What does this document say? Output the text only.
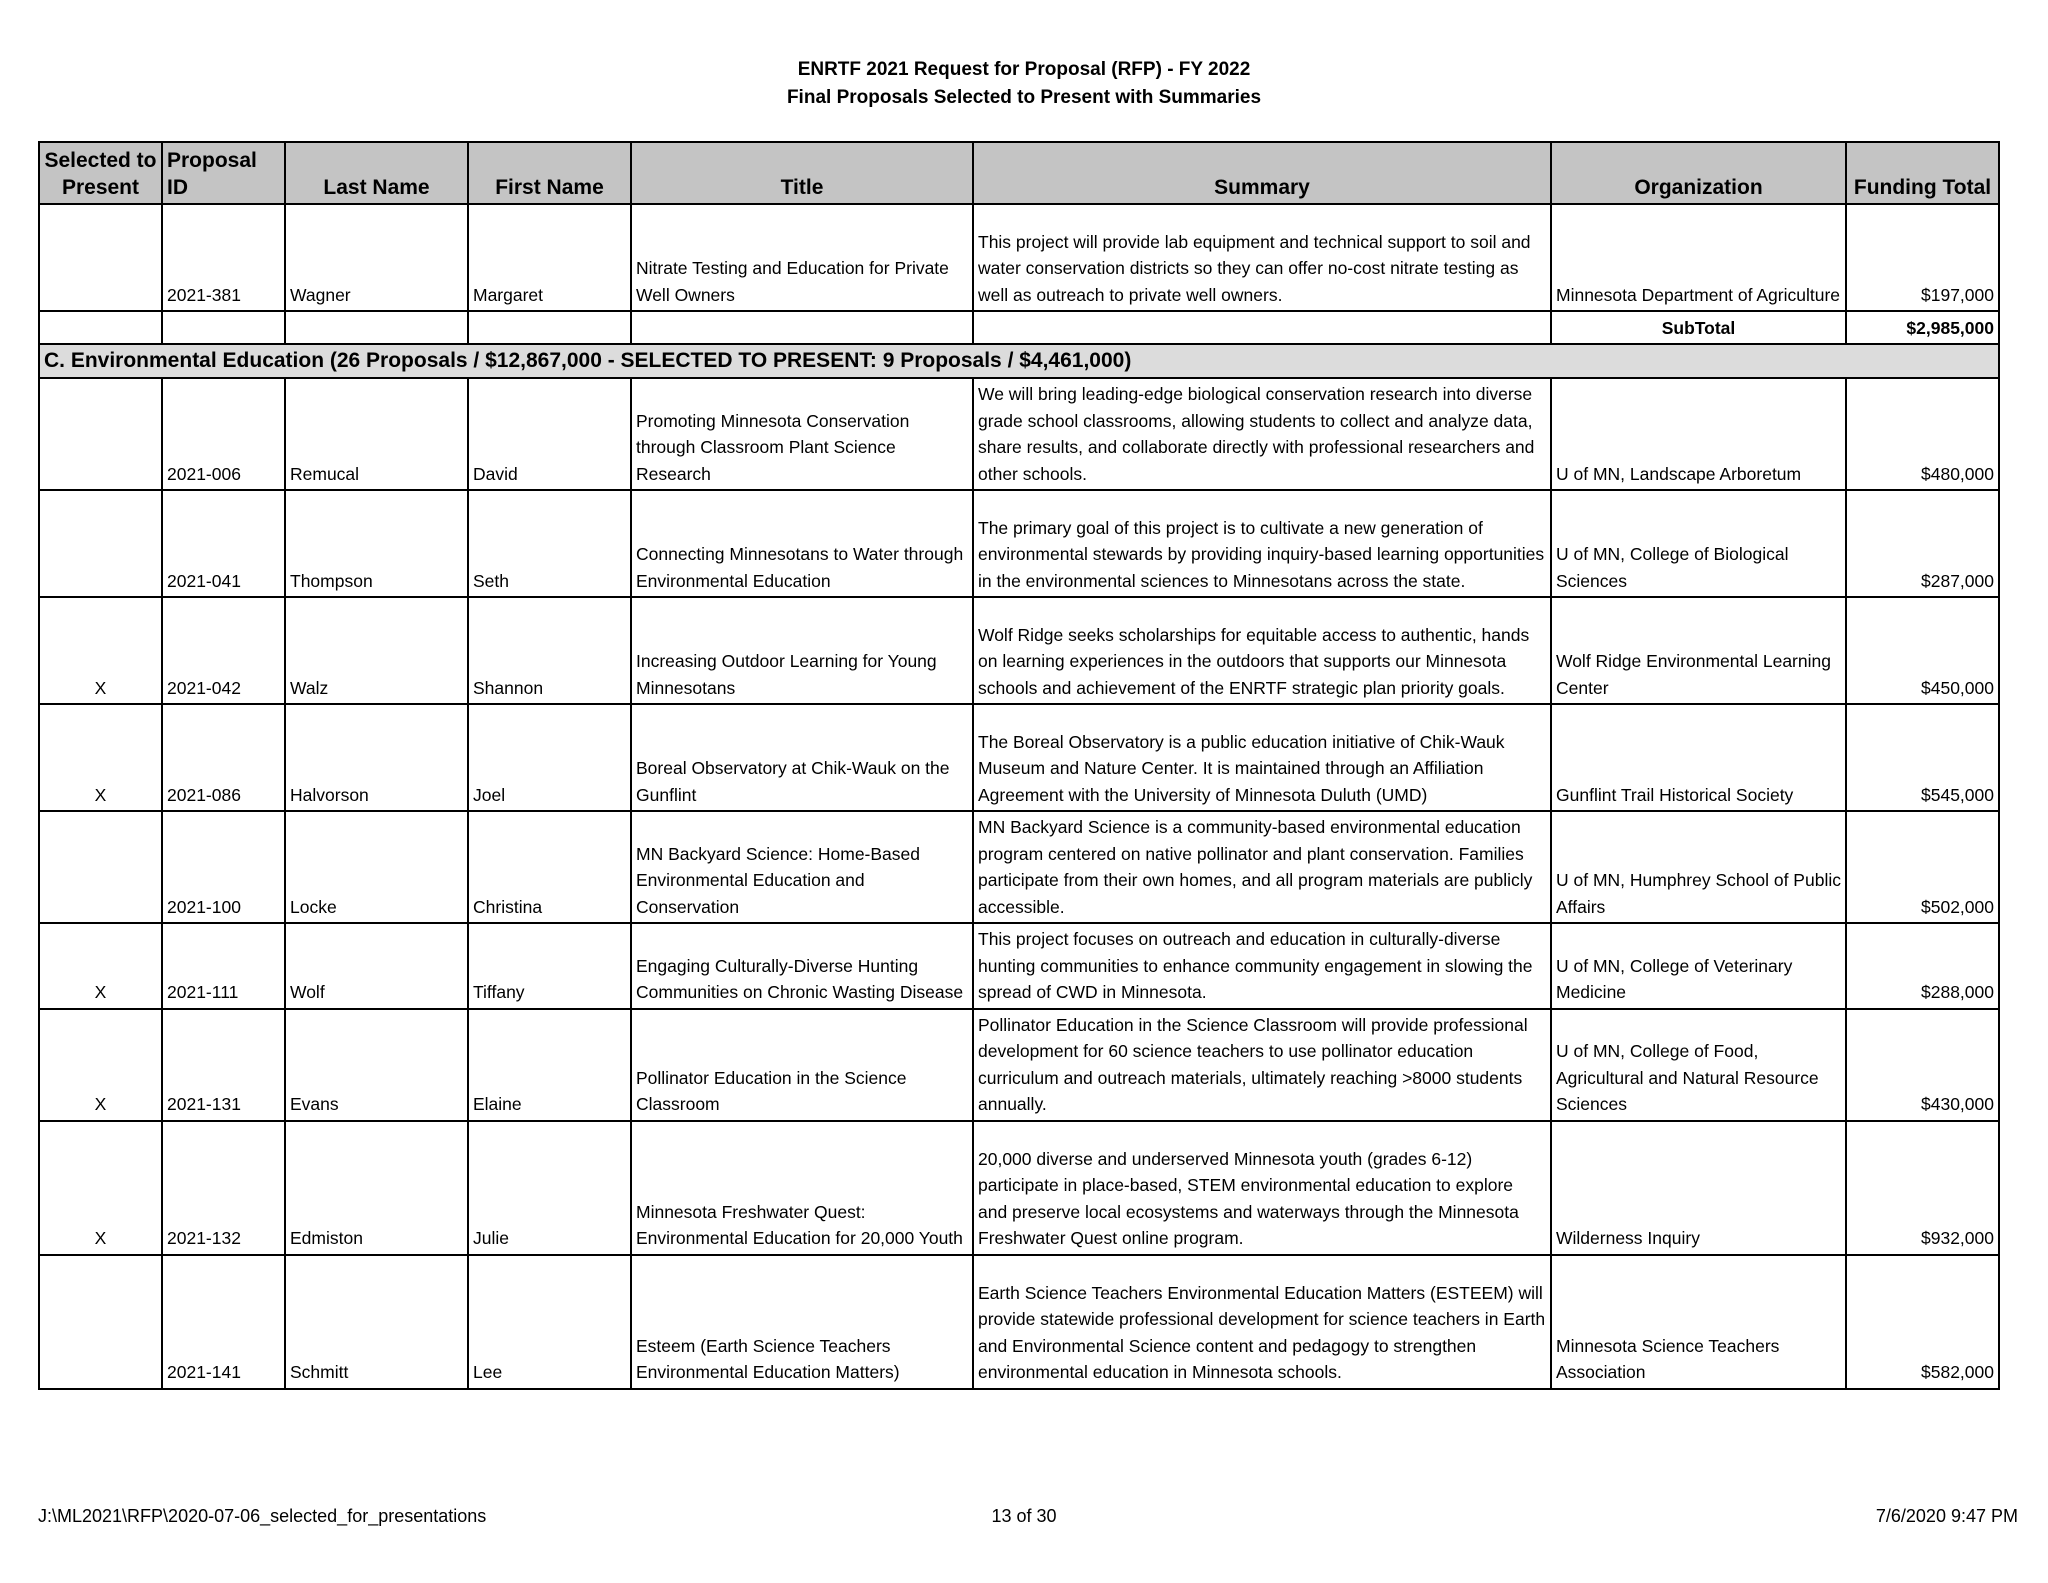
ENRTF 2021 Request for Proposal (RFP) - FY 2022
Final Proposals Selected to Present with Summaries
Selected to Present	Proposal ID	Last Name	First Name	Title	Summary	Organization	Funding Total
	2021-381	Wagner	Margaret	Nitrate Testing and Education for Private Well Owners	This project will provide lab equipment and technical support to soil and water conservation districts so they can offer no-cost nitrate testing as well as outreach to private well owners.	Minnesota Department of Agriculture	$197,000
						SubTotal	$2,985,000
C. Environmental Education (26 Proposals / $12,867,000 - SELECTED TO PRESENT: 9 Proposals / $4,461,000)							
	2021-006	Remucal	David	Promoting Minnesota Conservation through Classroom Plant Science Research	We will bring leading-edge biological conservation research into diverse grade school classrooms, allowing students to collect and analyze data, share results, and collaborate directly with professional researchers and other schools.	U of MN, Landscape Arboretum	$480,000
	2021-041	Thompson	Seth	Connecting Minnesotans to Water through Environmental Education	The primary goal of this project is to cultivate a new generation of environmental stewards by providing inquiry-based learning opportunities in the environmental sciences to Minnesotans across the state.	U of MN, College of Biological Sciences	$287,000
X	2021-042	Walz	Shannon	Increasing Outdoor Learning for Young Minnesotans	Wolf Ridge seeks scholarships for equitable access to authentic, hands on learning experiences in the outdoors that supports our Minnesota schools and achievement of the ENRTF strategic plan priority goals.	Wolf Ridge Environmental Learning Center	$450,000
X	2021-086	Halvorson	Joel	Boreal Observatory at Chik-Wauk on the Gunflint	The Boreal Observatory is a public education initiative of Chik-Wauk Museum and Nature Center. It is maintained through an Affiliation Agreement with the University of Minnesota Duluth (UMD)	Gunflint Trail Historical Society	$545,000
	2021-100	Locke	Christina	MN Backyard Science: Home-Based Environmental Education and Conservation	MN Backyard Science is a community-based environmental education program centered on native pollinator and plant conservation. Families participate from their own homes, and all program materials are publicly accessible.	U of MN, Humphrey School of Public Affairs	$502,000
X	2021-111	Wolf	Tiffany	Engaging Culturally-Diverse Hunting Communities on Chronic Wasting Disease	This project focuses on outreach and education in culturally-diverse hunting communities to enhance community engagement in slowing the spread of CWD in Minnesota.	U of MN, College of Veterinary Medicine	$288,000
X	2021-131	Evans	Elaine	Pollinator Education in the Science Classroom	Pollinator Education in the Science Classroom will provide professional development for 60 science teachers to use pollinator education curriculum and outreach materials, ultimately reaching >8000 students annually.	U of MN, College of Food, Agricultural and Natural Resource Sciences	$430,000
X	2021-132	Edmiston	Julie	Minnesota Freshwater Quest: Environmental Education for 20,000 Youth	20,000 diverse and underserved Minnesota youth (grades 6-12) participate in place-based, STEM environmental education to explore and preserve local ecosystems and waterways through the Minnesota Freshwater Quest online program.	Wilderness Inquiry	$932,000
	2021-141	Schmitt	Lee	Esteem (Earth Science Teachers Environmental Education Matters)	Earth Science Teachers Environmental Education Matters (ESTEEM) will provide statewide professional development for science teachers in Earth and Environmental Science content and pedagogy to strengthen environmental education in Minnesota schools.	Minnesota Science Teachers Association	$582,000
J:\ML2021\RFP\2020-07-06_selected_for_presentations	13 of 30	7/6/2020 9:47 PM
